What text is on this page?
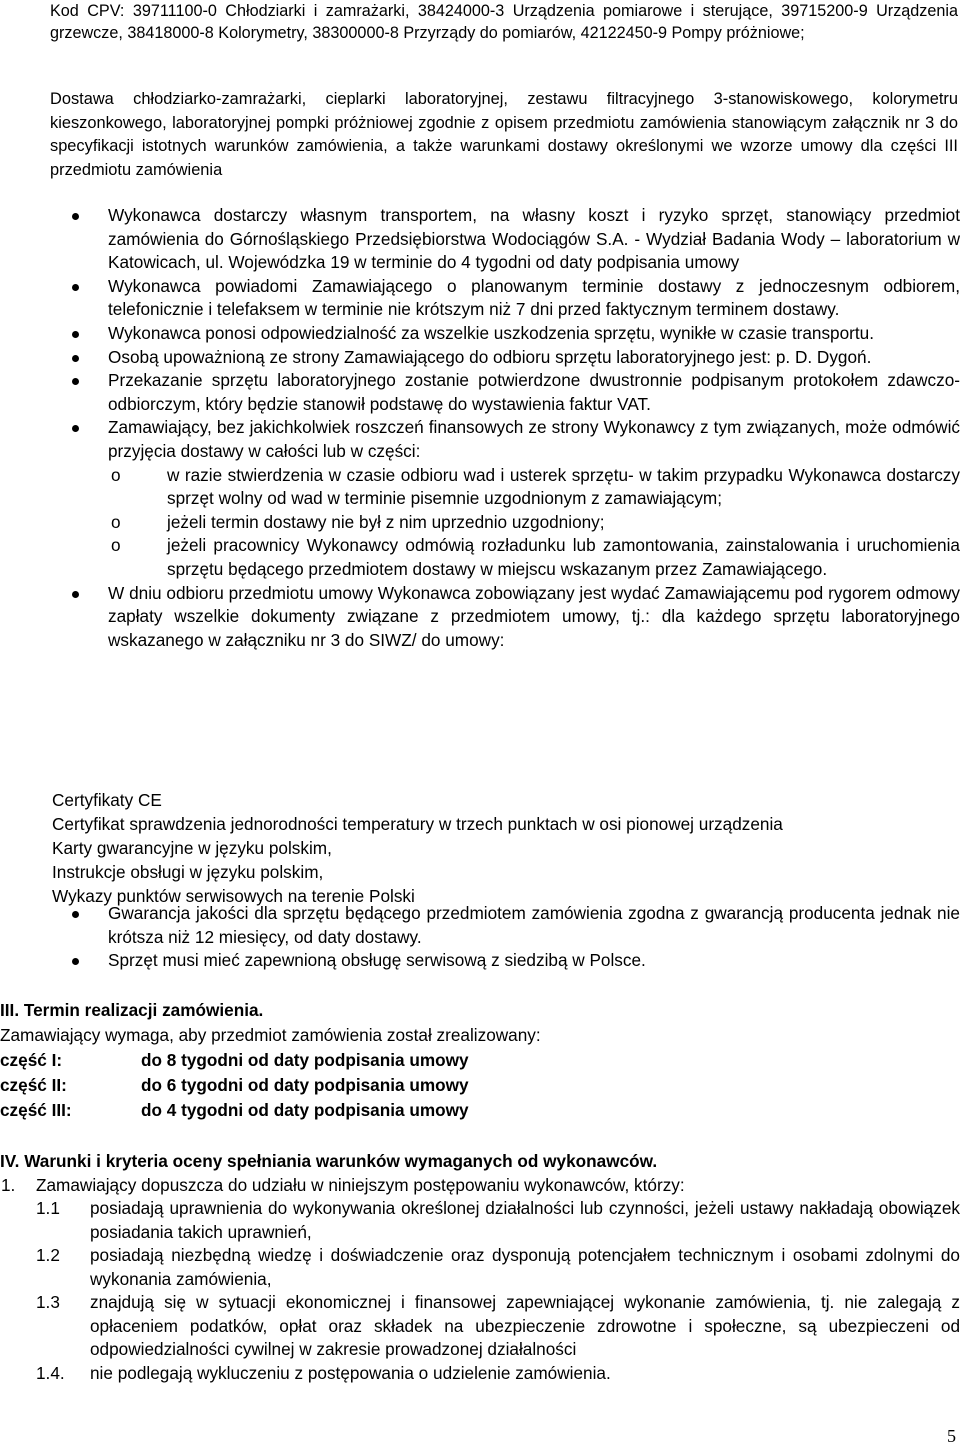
Kod CPV: 39711100-0 Chłodziarki i zamrażarki, 38424000-3 Urządzenia pomiarowe i sterujące, 39715200-9 Urządzenia grzewcze, 38418000-8 Kolorymetry, 38300000-8 Przyrządy do pomiarów, 42122450-9 Pompy próżniowe;
Dostawa chłodziarko-zamrażarki, cieplarki laboratoryjnej, zestawu filtracyjnego 3-stanowiskowego, kolorymetru kieszonkowego, laboratoryjnej pompki próżniowej zgodnie z opisem przedmiotu zamówienia stanowiącym załącznik nr 3 do specyfikacji istotnych warunków zamówienia, a także warunkami dostawy określonymi we wzorze umowy dla części III przedmiotu zamówienia
Wykonawca dostarczy własnym transportem, na własny koszt i ryzyko sprzęt, stanowiący przedmiot zamówienia do Górnośląskiego Przedsiębiorstwa Wodociągów S.A. - Wydział Badania Wody – laboratorium w Katowicach, ul. Wojewódzka 19 w terminie do 4 tygodni od daty podpisania umowy
Wykonawca powiadomi Zamawiającego o planowanym terminie dostawy z jednoczesnym odbiorem, telefonicznie i telefaksem w terminie nie krótszym niż 7 dni przed faktycznym terminem dostawy.
Wykonawca ponosi odpowiedzialność za wszelkie uszkodzenia sprzętu, wynikłe w czasie transportu.
Osobą upoważnioną ze strony Zamawiającego do odbioru sprzętu laboratoryjnego jest: p. D. Dygoń.
Przekazanie sprzętu laboratoryjnego zostanie potwierdzone dwustronnie podpisanym protokołem zdawczo-odbiorczym, który będzie stanowił podstawę do wystawienia faktur VAT.
Zamawiający, bez jakichkolwiek roszczeń finansowych ze strony Wykonawcy z tym związanych, może odmówić przyjęcia dostawy w całości lub w części:
o	w razie stwierdzenia w czasie odbioru wad i usterek sprzętu- w takim przypadku Wykonawca dostarczy sprzęt wolny od wad w terminie pisemnie uzgodnionym z zamawiającym;
o	jeżeli termin dostawy nie był z nim uprzednio uzgodniony;
o	jeżeli pracownicy Wykonawcy odmówią rozładunku lub zamontowania, zainstalowania i uruchomienia sprzętu będącego przedmiotem dostawy w miejscu wskazanym przez Zamawiającego.
W dniu odbioru przedmiotu umowy Wykonawca zobowiązany jest wydać Zamawiającemu pod rygorem odmowy zapłaty wszelkie dokumenty związane z przedmiotem umowy, tj.: dla każdego sprzętu laboratoryjnego wskazanego w załączniku nr 3 do SIWZ/ do umowy:
Certyfikaty CE
Certyfikat sprawdzenia jednorodności temperatury w trzech punktach w osi pionowej urządzenia
Karty gwarancyjne w języku polskim,
Instrukcje obsługi w języku polskim,
Wykazy punktów serwisowych na terenie Polski
Gwarancja jakości dla sprzętu będącego przedmiotem zamówienia zgodna z gwarancją producenta jednak nie krótsza niż 12 miesięcy, od daty dostawy.
Sprzęt musi mieć zapewnioną obsługę serwisową z siedzibą w Polsce.
III. Termin realizacji zamówienia.
Zamawiający wymaga, aby przedmiot zamówienia został zrealizowany:
część I:	do 8 tygodni od daty podpisania umowy
część II:	do 6 tygodni od daty podpisania umowy
część III:	do 4 tygodni od daty podpisania umowy
IV. Warunki i kryteria oceny spełniania warunków wymaganych od wykonawców.
1. Zamawiający dopuszcza do udziału w niniejszym postępowaniu wykonawców, którzy:
1.1 posiadają uprawnienia do wykonywania określonej działalności lub czynności, jeżeli ustawy nakładają obowiązek posiadania takich uprawnień,
1.2 posiadają niezbędną wiedzę i doświadczenie oraz dysponują potencjałem technicznym i osobami zdolnymi do wykonania zamówienia,
1.3 znajdują się w sytuacji ekonomicznej i finansowej zapewniającej wykonanie zamówienia, tj. nie zalegają z opłaceniem podatków, opłat oraz składek na ubezpieczenie zdrowotne i społeczne, są ubezpieczeni od odpowiedzialności cywilnej w zakresie prowadzonej działalności
1.4. nie podlegają wykluczeniu z postępowania o udzielenie zamówienia.
5
